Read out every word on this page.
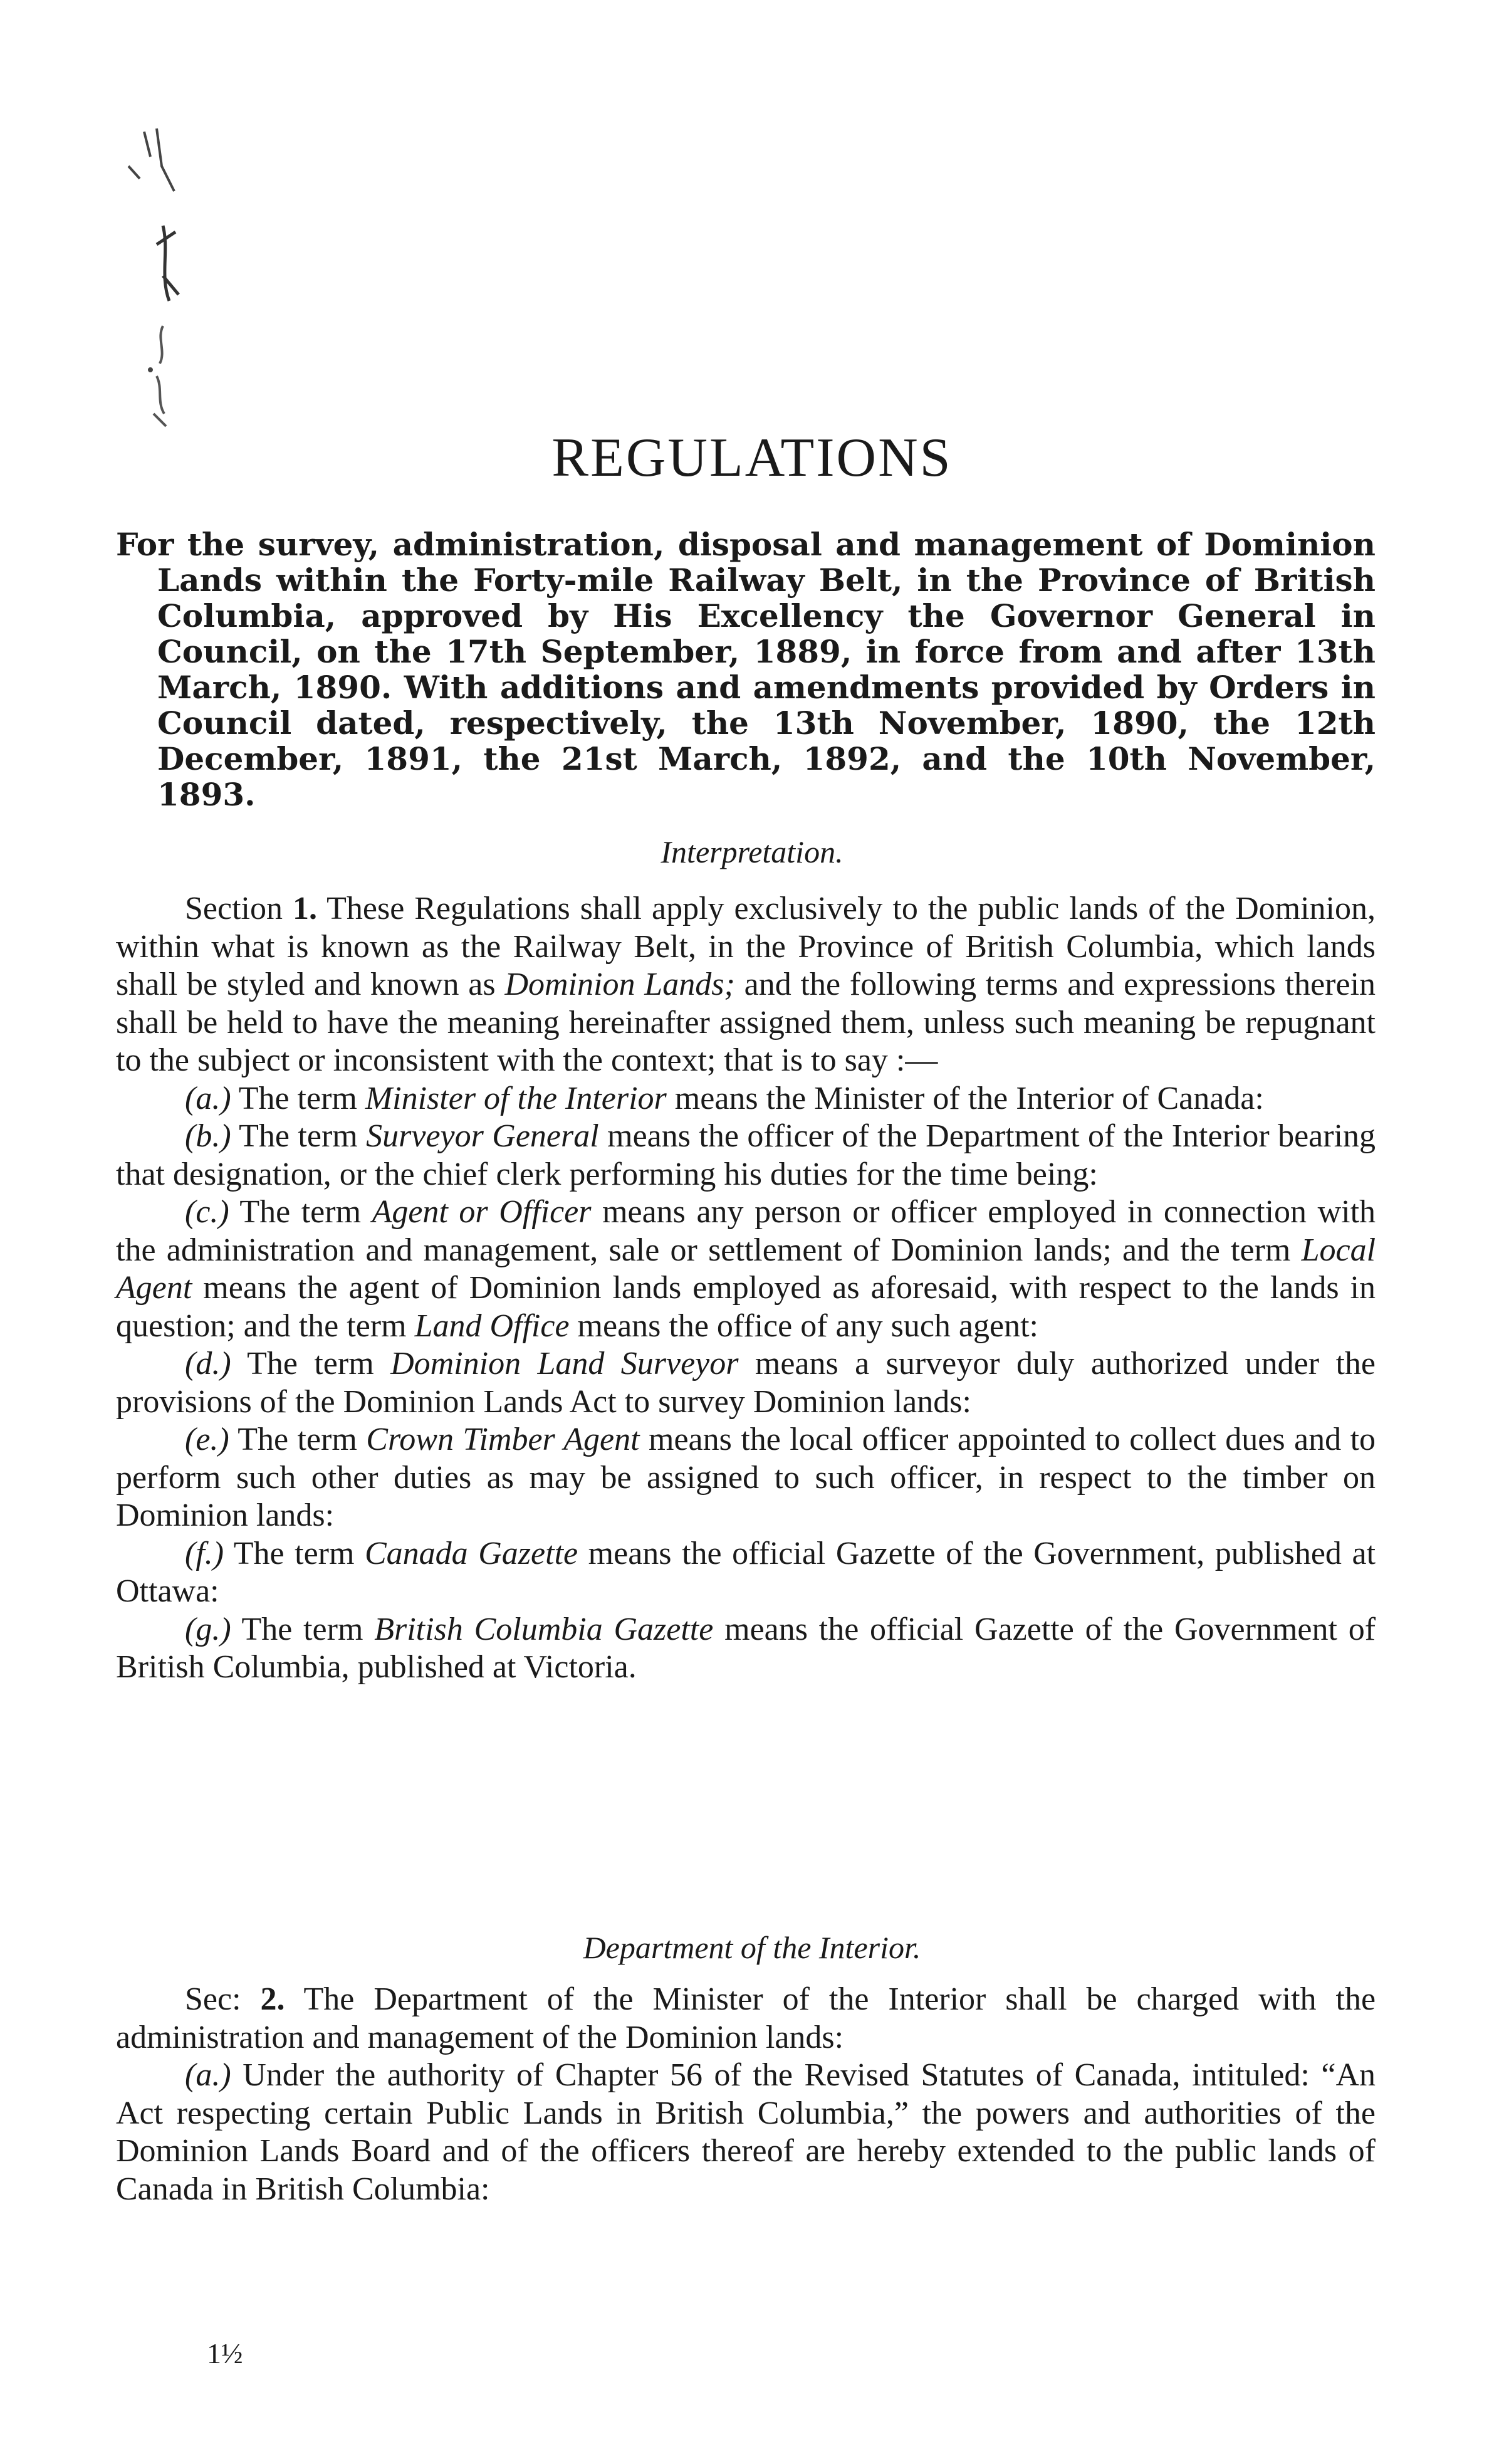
REGULATIONS

For the survey, administration, disposal and management of Dominion Lands within the Forty-mile Railway Belt, in the Province of British Columbia, approved by His Excellency the Governor General in Council, on the 17th September, 1889, in force from and after 13th March, 1890. With additions and amendments provided by Orders in Council dated, respectively, the 13th November, 1890, the 12th December, 1891, the 21st March, 1892, and the 10th November, 1893.

Interpretation.

Section 1. These Regulations shall apply exclusively to the public lands of the Dominion, within what is known as the Railway Belt, in the Province of British Columbia, which lands shall be styled and known as Dominion Lands; and the following terms and expressions therein shall be held to have the meaning hereinafter assigned them, unless such meaning be repugnant to the subject or inconsistent with the context; that is to say :—

(a.) The term Minister of the Interior means the Minister of the Interior of Canada:

(b.) The term Surveyor General means the officer of the Department of the Interior bearing that designation, or the chief clerk performing his duties for the time being:

(c.) The term Agent or Officer means any person or officer employed in connection with the administration and management, sale or settlement of Dominion lands; and the term Local Agent means the agent of Dominion lands employed as aforesaid, with respect to the lands in question; and the term Land Office means the office of any such agent:

(d.) The term Dominion Land Surveyor means a surveyor duly authorized under the provisions of the Dominion Lands Act to survey Dominion lands:

(e.) The term Crown Timber Agent means the local officer appointed to collect dues and to perform such other duties as may be assigned to such officer, in respect to the timber on Dominion lands:

(f.) The term Canada Gazette means the official Gazette of the Government, published at Ottawa:

(g.) The term British Columbia Gazette means the official Gazette of the Government of British Columbia, published at Victoria.

Department of the Interior.

Sec: 2. The Department of the Minister of the Interior shall be charged with the administration and management of the Dominion lands:

(a.) Under the authority of Chapter 56 of the Revised Statutes of Canada, intituled: “An Act respecting certain Public Lands in British Columbia,” the powers and authorities of the Dominion Lands Board and of the officers thereof are hereby extended to the public lands of Canada in British Columbia:

1½
